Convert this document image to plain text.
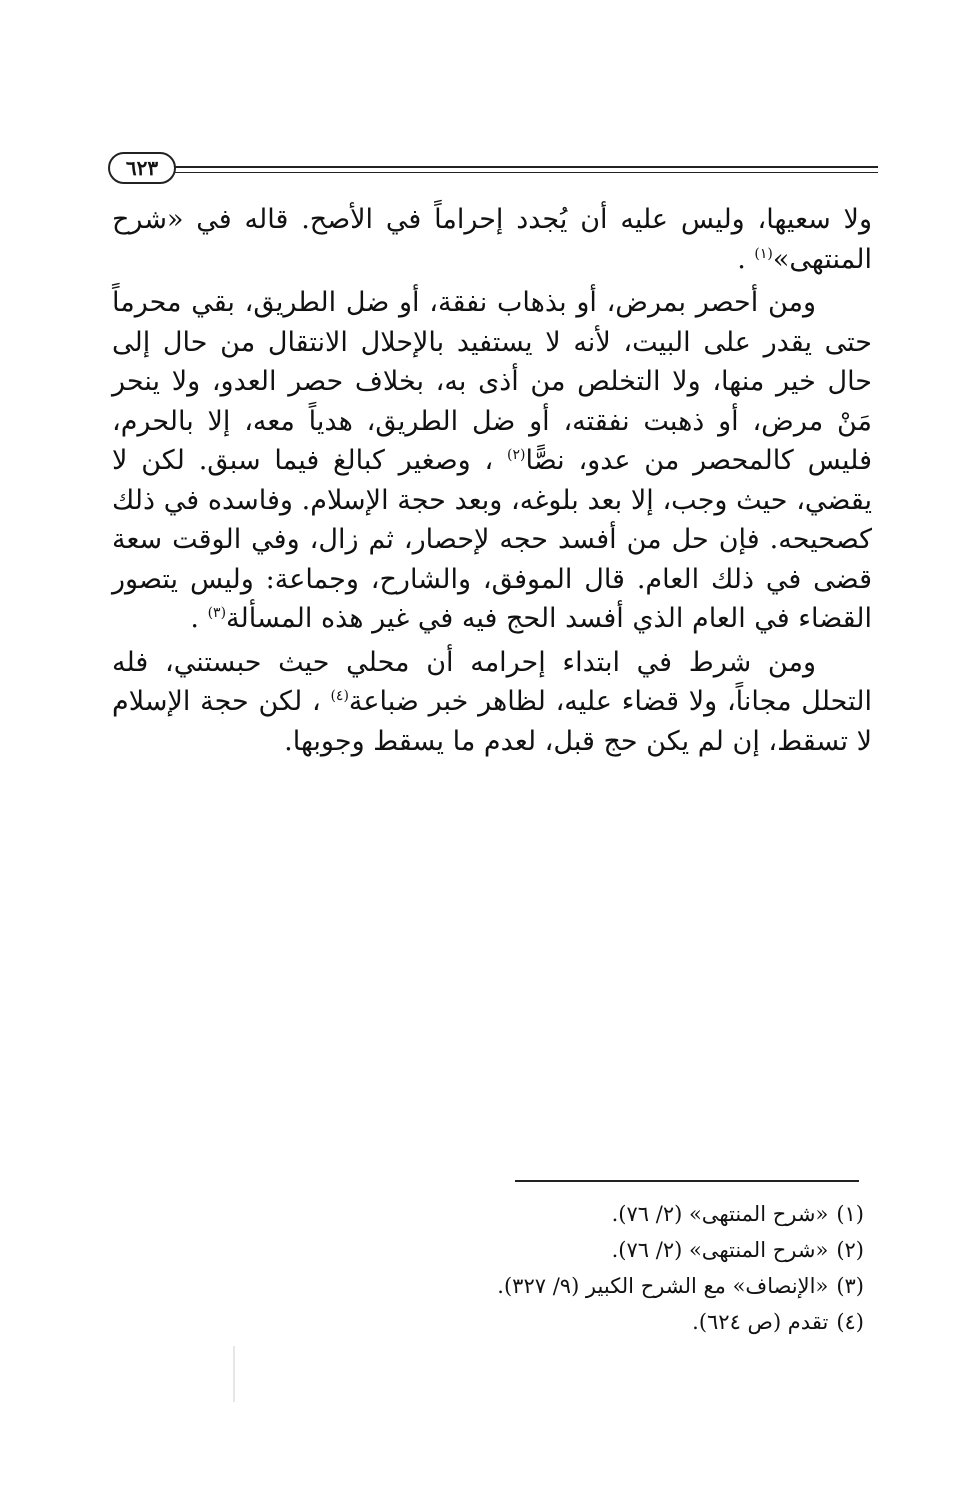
٦٢٣

ولا سعيها، وليس عليه أن يُجدد إحراماً في الأصح. قاله في «شرح المنتهى»$^{(١)}$ .

ومن أحصر بمرض، أو بذهاب نفقة، أو ضل الطريق، بقي محرماً حتى يقدر على البيت، لأنه لا يستفيد بالإحلال الانتقال من حال إلى حال خير منها، ولا التخلص من أذى به، بخلاف حصر العدو، ولا ينحر مَنْ مرض، أو ذهبت نفقته، أو ضل الطريق، هدياً معه، إلا بالحرم، فليس كالمحصر من عدو، نصًّا$^{(٢)}$ ، وصغير كبالغ فيما سبق. لكن لا يقضي، حيث وجب، إلا بعد بلوغه، وبعد حجة الإسلام. وفاسده في ذلك كصحيحه. فإن حل من أفسد حجه لإحصار، ثم زال، وفي الوقت سعة قضى في ذلك العام. قال الموفق، والشارح، وجماعة: وليس يتصور القضاء في العام الذي أفسد الحج فيه في غير هذه المسألة$^{(٣)}$ .

ومن شرط في ابتداء إحرامه أن محلي حيث حبستني، فله التحلل مجاناً، ولا قضاء عليه، لظاهر خبر ضباعة$^{(٤)}$ ، لكن حجة الإسلام لا تسقط، إن لم يكن حج قبل، لعدم ما يسقط وجوبها.

(١)«شرح المنتهى» (٢/ ٧٦).
(٢)«شرح المنتهى» (٢/ ٧٦).
(٣)«الإنصاف» مع الشرح الكبير (٩/ ٣٢٧).
(٤)تقدم (ص ٦٢٤).
